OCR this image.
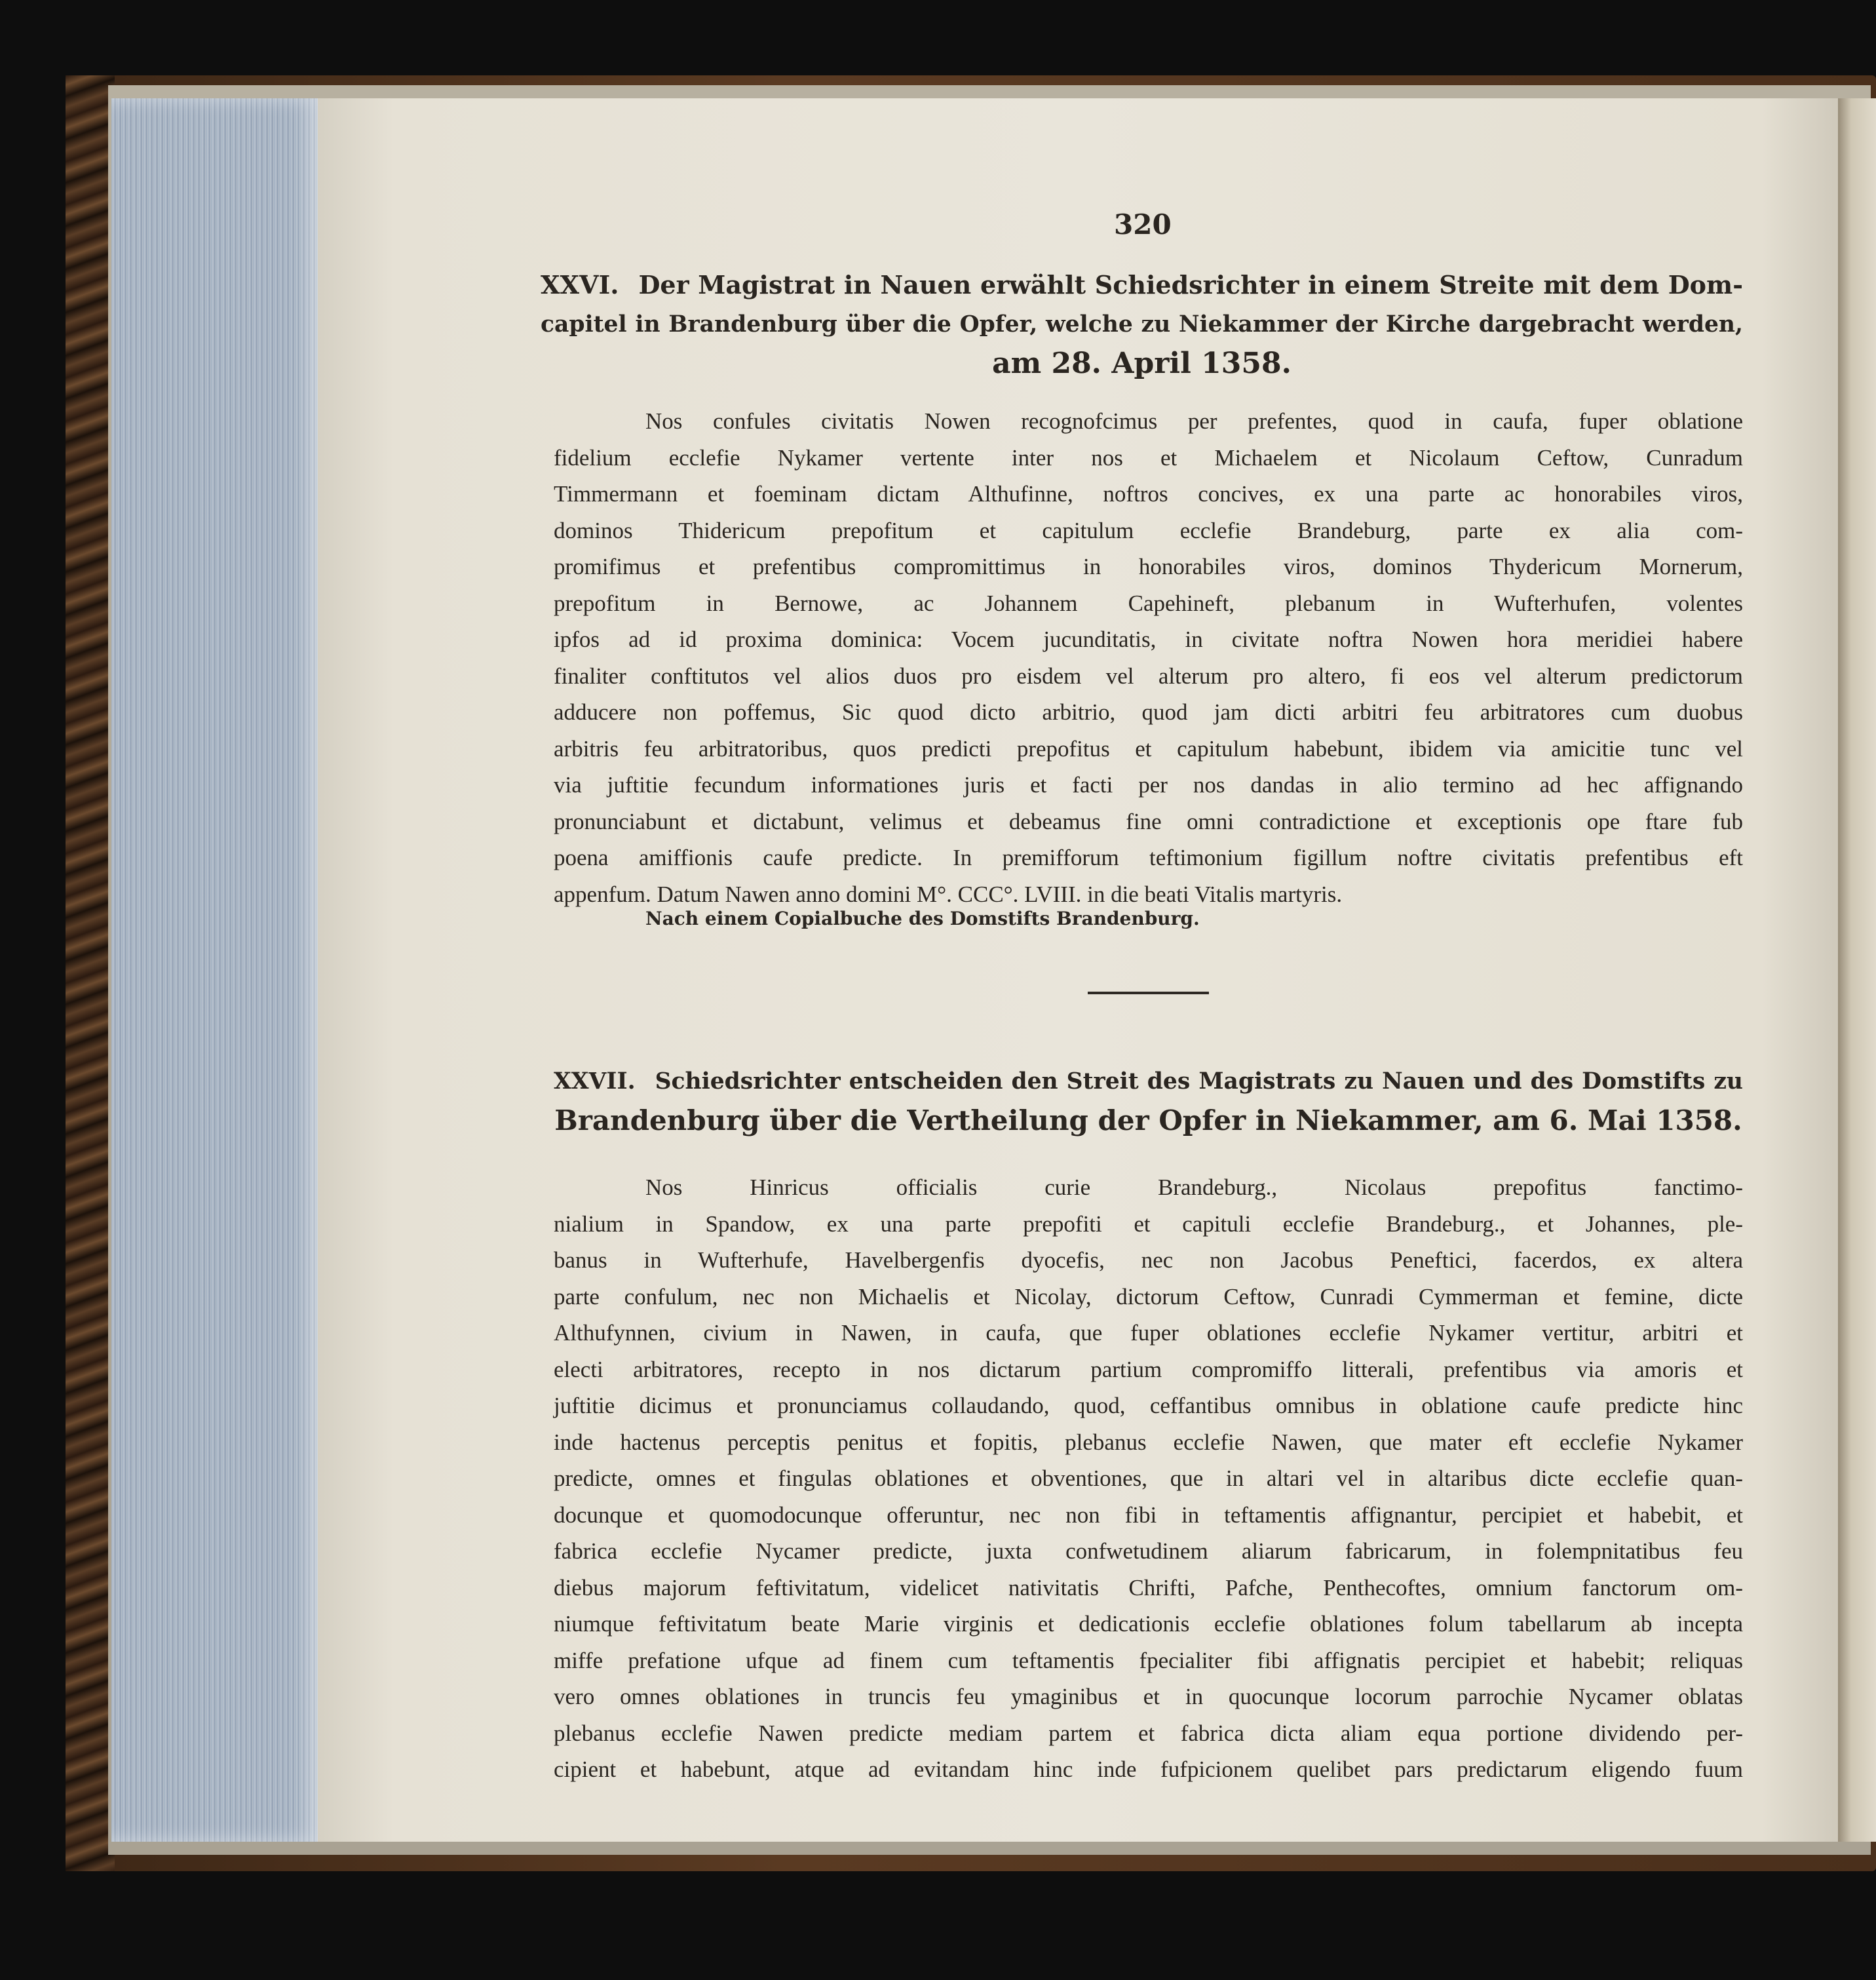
320
XXVI. Der Magistrat in Nauen erwählt Schiedsrichter in einem Streite mit dem Dom-
capitel in Brandenburg über die Opfer, welche zu Niekammer der Kirche dargebracht werden,
am 28. April 1358.
Nos confules civitatis Nowen recognofcimus per prefentes, quod in caufa, fuper oblatione
fidelium ecclefie Nykamer vertente inter nos et Michaelem et Nicolaum Ceftow, Cunradum
Timmermann et foeminam dictam Althufinne, noftros concives, ex una parte ac honorabiles viros,
dominos Thidericum prepofitum et capitulum ecclefie Brandeburg, parte ex alia com-
promifimus et prefentibus compromittimus in honorabiles viros, dominos Thydericum Mornerum,
prepofitum in Bernowe, ac Johannem Capehineft, plebanum in Wufterhufen, volentes
ipfos ad id proxima dominica: Vocem jucunditatis, in civitate noftra Nowen hora meridiei habere
finaliter conftitutos vel alios duos pro eisdem vel alterum pro altero, fi eos vel alterum predictorum
adducere non poffemus, Sic quod dicto arbitrio, quod jam dicti arbitri feu arbitratores cum duobus
arbitris feu arbitratoribus, quos predicti prepofitus et capitulum habebunt, ibidem via amicitie tunc vel
via juftitie fecundum informationes juris et facti per nos dandas in alio termino ad hec affignando
pronunciabunt et dictabunt, velimus et debeamus fine omni contradictione et exceptionis ope ftare fub
poena amiffionis caufe predicte. In premifforum teftimonium figillum noftre civitatis prefentibus eft
appenfum. Datum Nawen anno domini M°. CCC°. LVIII. in die beati Vitalis martyris.
Nach einem Copialbuche des Domstifts Brandenburg.
XXVII. Schiedsrichter entscheiden den Streit des Magistrats zu Nauen und des Domstifts zu
Brandenburg über die Vertheilung der Opfer in Niekammer, am 6. Mai 1358.
Nos Hinricus officialis curie Brandeburg., Nicolaus prepofitus fanctimo-
nialium in Spandow, ex una parte prepofiti et capituli ecclefie Brandeburg., et Johannes, ple-
banus in Wufterhufe, Havelbergenfis dyocefis, nec non Jacobus Peneftici, facerdos, ex altera
parte confulum, nec non Michaelis et Nicolay, dictorum Ceftow, Cunradi Cymmerman et femine, dicte
Althufynnen, civium in Nawen, in caufa, que fuper oblationes ecclefie Nykamer vertitur, arbitri et
electi arbitratores, recepto in nos dictarum partium compromiffo litterali, prefentibus via amoris et
juftitie dicimus et pronunciamus collaudando, quod, ceffantibus omnibus in oblatione caufe predicte hinc
inde hactenus perceptis penitus et fopitis, plebanus ecclefie Nawen, que mater eft ecclefie Nykamer
predicte, omnes et fingulas oblationes et obventiones, que in altari vel in altaribus dicte ecclefie quan-
docunque et quomodocunque offeruntur, nec non fibi in teftamentis affignantur, percipiet et habebit, et
fabrica ecclefie Nycamer predicte, juxta confwetudinem aliarum fabricarum, in folempnitatibus feu
diebus majorum feftivitatum, videlicet nativitatis Chrifti, Pafche, Penthecoftes, omnium fanctorum om-
niumque feftivitatum beate Marie virginis et dedicationis ecclefie oblationes folum tabellarum ab incepta
miffe prefatione ufque ad finem cum teftamentis fpecialiter fibi affignatis percipiet et habebit; reliquas
vero omnes oblationes in truncis feu ymaginibus et in quocunque locorum parrochie Nycamer oblatas
plebanus ecclefie Nawen predicte mediam partem et fabrica dicta aliam equa portione dividendo per-
cipient et habebunt, atque ad evitandam hinc inde fufpicionem quelibet pars predictarum eligendo fuum
